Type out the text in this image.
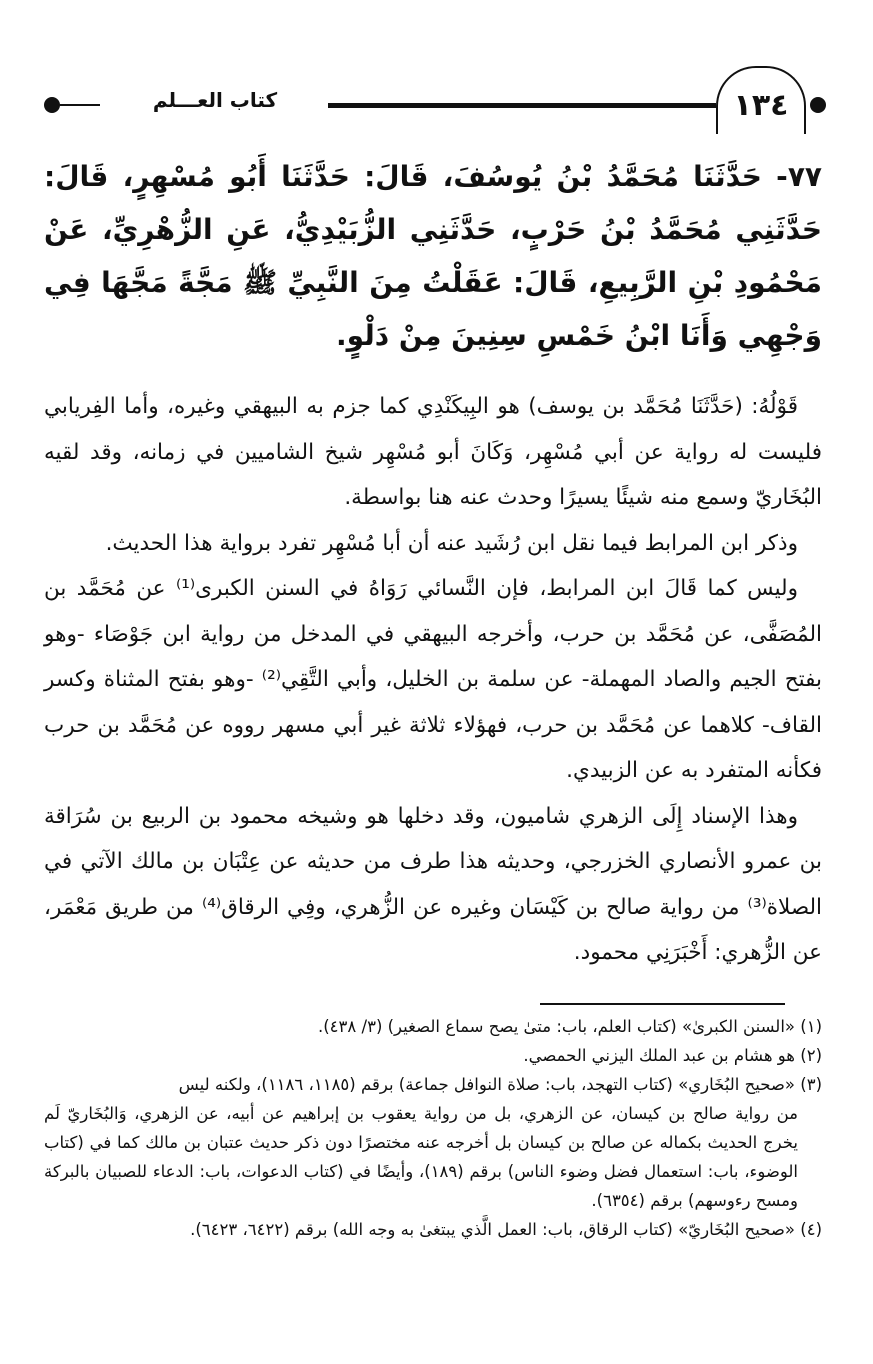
١٣٤
كتاب العـــلم

٧٧- حَدَّثَنَا مُحَمَّدُ بْنُ يُوسُفَ، قَالَ: حَدَّثَنَا أَبُو مُسْهِرٍ، قَالَ: حَدَّثَنِي مُحَمَّدُ بْنُ حَرْبٍ، حَدَّثَنِي الزُّبَيْدِيُّ، عَنِ الزُّهْرِيِّ، عَنْ مَحْمُودِ بْنِ الرَّبِيعِ، قَالَ: عَقَلْتُ مِنَ النَّبِيِّ ﷺ مَجَّةً مَجَّهَا فِي وَجْهِي وَأَنَا ابْنُ خَمْسِ سِنِينَ مِنْ دَلْوٍ.

قَوْلُهُ: (حَدَّثَنَا مُحَمَّد بن يوسف) هو البِيكَنْدِي كما جزم به البيهقي وغيره، وأما الفِريابي فليست له رواية عن أبي مُسْهِر، وَكَانَ أبو مُسْهِر شيخ الشاميين في زمانه، وقد لقيه البُخَاريّ وسمع منه شيئًا يسيرًا وحدث عنه هنا بواسطة.

وذكر ابن المرابط فيما نقل ابن رُشَيد عنه أن أبا مُسْهِر تفرد برواية هذا الحديث.

وليس كما قَالَ ابن المرابط، فإن النَّسائي رَوَاهُ في السنن الكبرى⁽¹⁾ عن مُحَمَّد بن المُصَفَّى، عن مُحَمَّد بن حرب، وأخرجه البيهقي في المدخل من رواية ابن جَوْصَاء -وهو بفتح الجيم والصاد المهملة- عن سلمة بن الخليل، وأبي التَّقِي⁽²⁾ -وهو بفتح المثناة وكسر القاف- كلاهما عن مُحَمَّد بن حرب، فهؤلاء ثلاثة غير أبي مسهر رووه عن مُحَمَّد بن حرب فكأنه المتفرد به عن الزبيدي.

وهذا الإسناد إِلَى الزهري شاميون، وقد دخلها هو وشيخه محمود بن الربيع بن سُرَاقة بن عمرو الأنصاري الخزرجي، وحديثه هذا طرف من حديثه عن عِتْبَان بن مالك الآتي في الصلاة⁽³⁾ من رواية صالح بن كَيْسَان وغيره عن الزُّهري، وفِي الرقاق⁽⁴⁾ من طريق مَعْمَر، عن الزُّهري: أَخْبَرَنِي محمود.

(١) «السنن الكبرىٰ» (كتاب العلم، باب: متىٰ يصح سماع الصغير) (٣/ ٤٣٨).

(٢) هو هشام بن عبد الملك اليزني الحمصي.

(٣) «صحيح البُخَاري» (كتاب التهجد، باب: صلاة النوافل جماعة) برقم (١١٨٥، ١١٨٦)، ولكنه ليس

من رواية صالح بن كيسان، عن الزهري، بل من رواية يعقوب بن إبراهيم عن أبيه، عن الزهري، وَالبُخَاريّ لَم يخرج الحديث بكماله عن صالح بن كيسان بل أخرجه عنه مختصرًا دون ذكر حديث عتبان بن مالك كما في (كتاب الوضوء، باب: استعمال فضل وضوء الناس) برقم (١٨٩)، وأيضًا في (كتاب الدعوات، باب: الدعاء للصبيان بالبركة ومسح رءوسهم) برقم (٦٣٥٤).

(٤) «صحيح البُخَاريّ» (كتاب الرقاق، باب: العمل الَّذي يبتغىٰ به وجه الله) برقم (٦٤٢٢، ٦٤٢٣).
